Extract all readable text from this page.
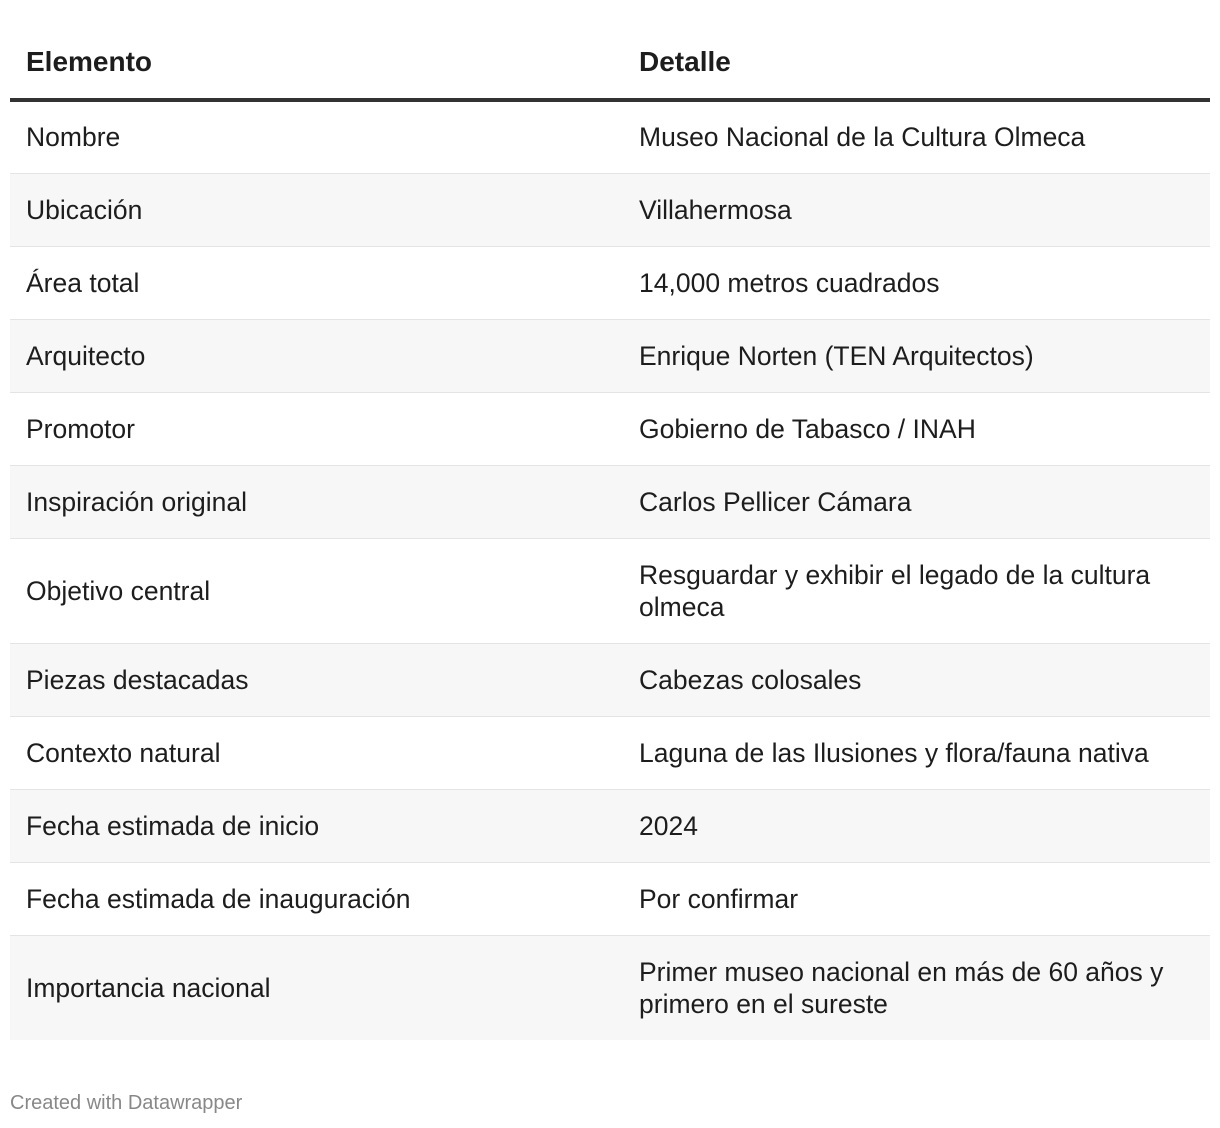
Elemento	Detalle
Nombre	Museo Nacional de la Cultura Olmeca
Ubicación	Villahermosa
Área total	14,000 metros cuadrados
Arquitecto	Enrique Norten (TEN Arquitectos)
Promotor	Gobierno de Tabasco / INAH
Inspiración original	Carlos Pellicer Cámara
Objetivo central	Resguardar y exhibir el legado de la cultura olmeca
Piezas destacadas	Cabezas colosales
Contexto natural	Laguna de las Ilusiones y flora/fauna nativa
Fecha estimada de inicio	2024
Fecha estimada de inauguración	Por confirmar
Importancia nacional	Primer museo nacional en más de 60 años y primero en el sureste
Created with Datawrapper
